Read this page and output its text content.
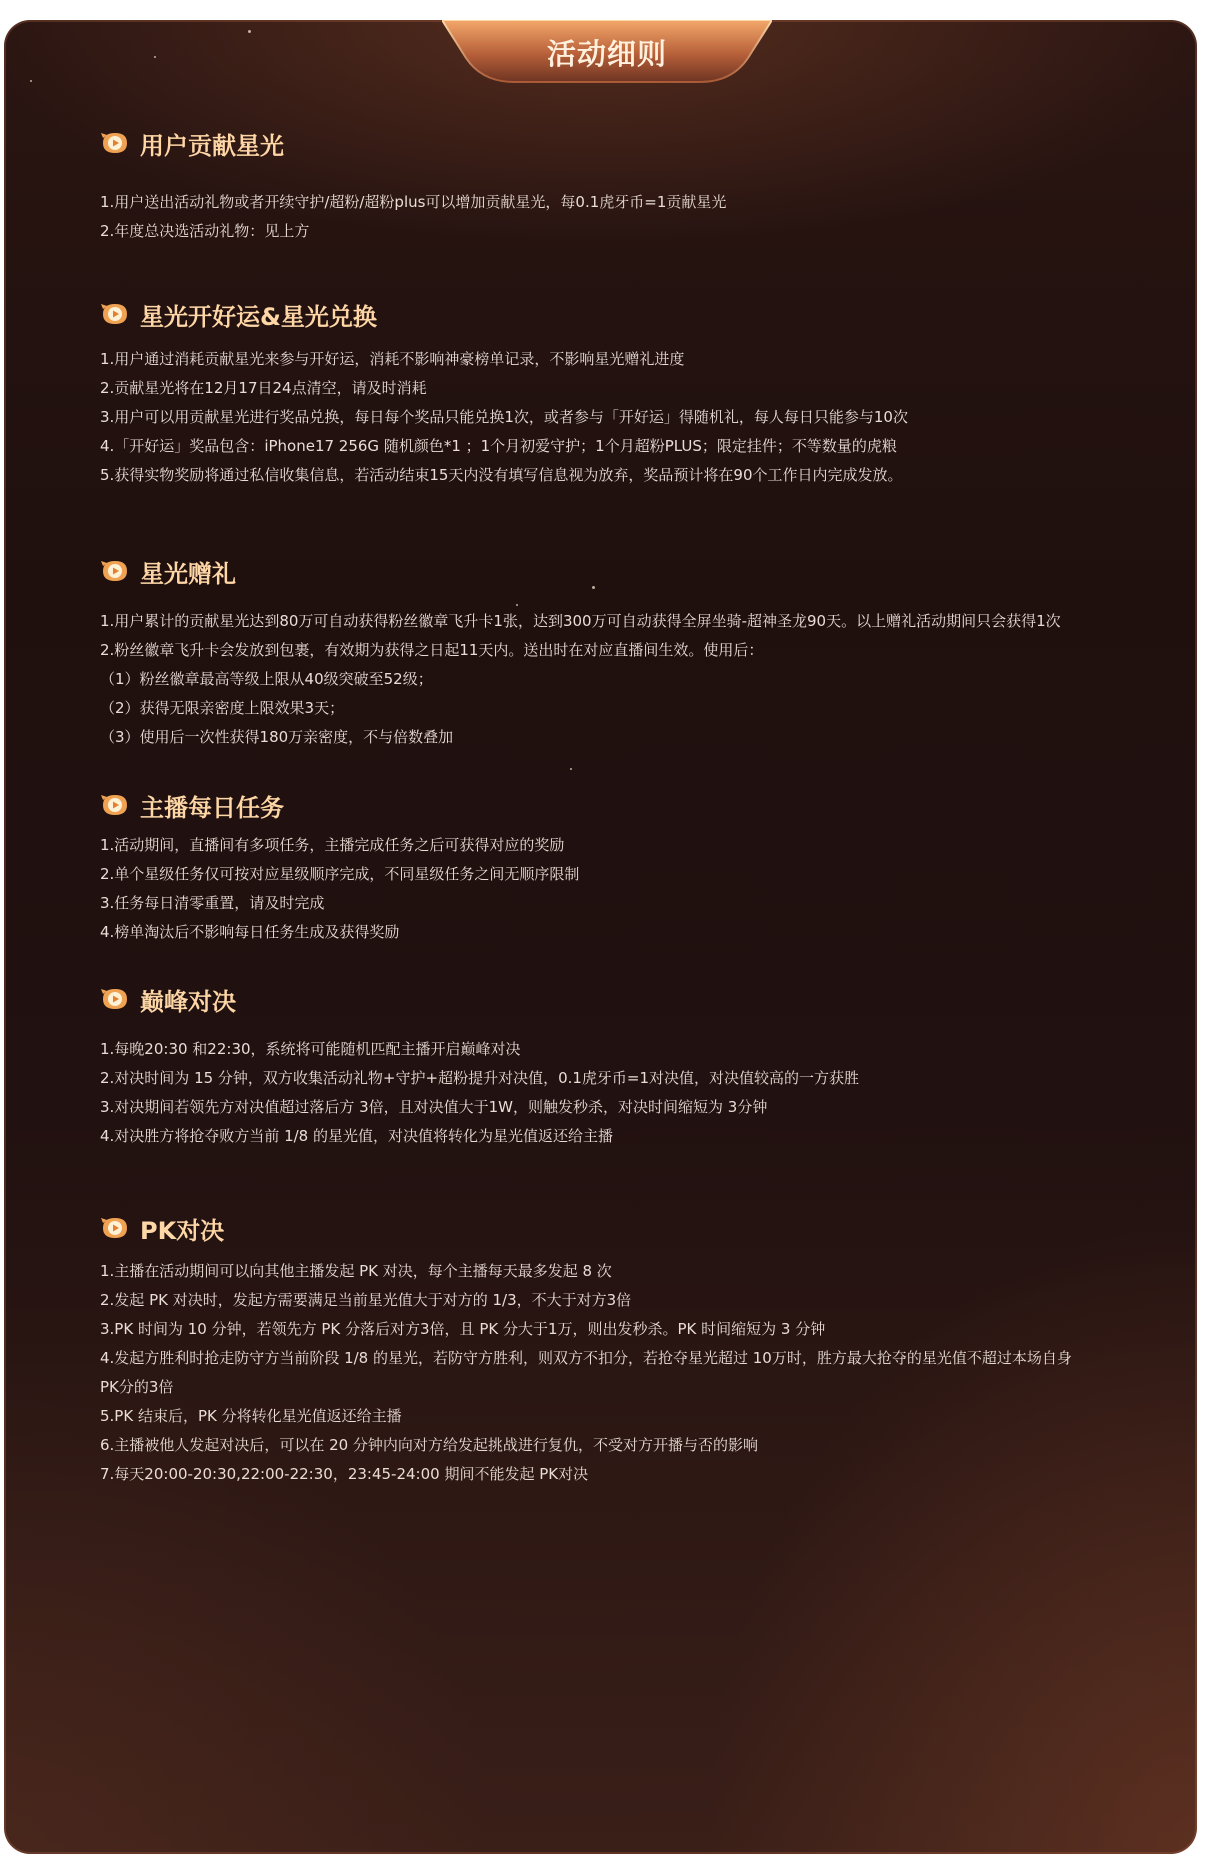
活动细则
用户贡献星光
1.用户送出活动礼物或者开续守护/超粉/超粉plus可以增加贡献星光，每0.1虎牙币=1贡献星光
2.年度总决选活动礼物：见上方
星光开好运&星光兑换
1.用户通过消耗贡献星光来参与开好运，消耗不影响神豪榜单记录，不影响星光赠礼进度
2.贡献星光将在12月17日24点清空，请及时消耗
3.用户可以用贡献星光进行奖品兑换，每日每个奖品只能兑换1次，或者参与「开好运」得随机礼，每人每日只能参与10次
4.「开好运」奖品包含：iPhone17 256G 随机颜色*1 ；1个月初爱守护；1个月超粉PLUS；限定挂件；不等数量的虎粮
5.获得实物奖励将通过私信收集信息，若活动结束15天内没有填写信息视为放弃，奖品预计将在90个工作日内完成发放。
星光赠礼
1.用户累计的贡献星光达到80万可自动获得粉丝徽章飞升卡1张，达到300万可自动获得全屏坐骑-超神圣龙90天。以上赠礼活动期间只会获得1次
2.粉丝徽章飞升卡会发放到包裹，有效期为获得之日起11天内。送出时在对应直播间生效。使用后：
（1）粉丝徽章最高等级上限从40级突破至52级；
（2）获得无限亲密度上限效果3天；
（3）使用后一次性获得180万亲密度，不与倍数叠加
主播每日任务
1.活动期间，直播间有多项任务，主播完成任务之后可获得对应的奖励
2.单个星级任务仅可按对应星级顺序完成，不同星级任务之间无顺序限制
3.任务每日清零重置，请及时完成
4.榜单淘汰后不影响每日任务生成及获得奖励
巅峰对决
1.每晚20:30 和22:30，系统将可能随机匹配主播开启巅峰对决
2.对决时间为 15 分钟，双方收集活动礼物+守护+超粉提升对决值，0.1虎牙币=1对决值，对决值较高的一方获胜
3.对决期间若领先方对决值超过落后方 3倍，且对决值大于1W，则触发秒杀，对决时间缩短为 3分钟
4.对决胜方将抢夺败方当前 1/8 的星光值，对决值将转化为星光值返还给主播
PK对决
1.主播在活动期间可以向其他主播发起 PK 对决，每个主播每天最多发起 8 次
2.发起 PK 对决时，发起方需要满足当前星光值大于对方的 1/3，不大于对方3倍
3.PK 时间为 10 分钟，若领先方 PK 分落后对方3倍，且 PK 分大于1万，则出发秒杀。PK 时间缩短为 3 分钟
4.发起方胜利时抢走防守方当前阶段 1/8 的星光，若防守方胜利，则双方不扣分，若抢夺星光超过 10万时，胜方最大抢夺的星光值不超过本场自身
PK分的3倍
5.PK 结束后，PK 分将转化星光值返还给主播
6.主播被他人发起对决后，可以在 20 分钟内向对方给发起挑战进行复仇，不受对方开播与否的影响
7.每天20:00-20:30,22:00-22:30，23:45-24:00 期间不能发起 PK对决
